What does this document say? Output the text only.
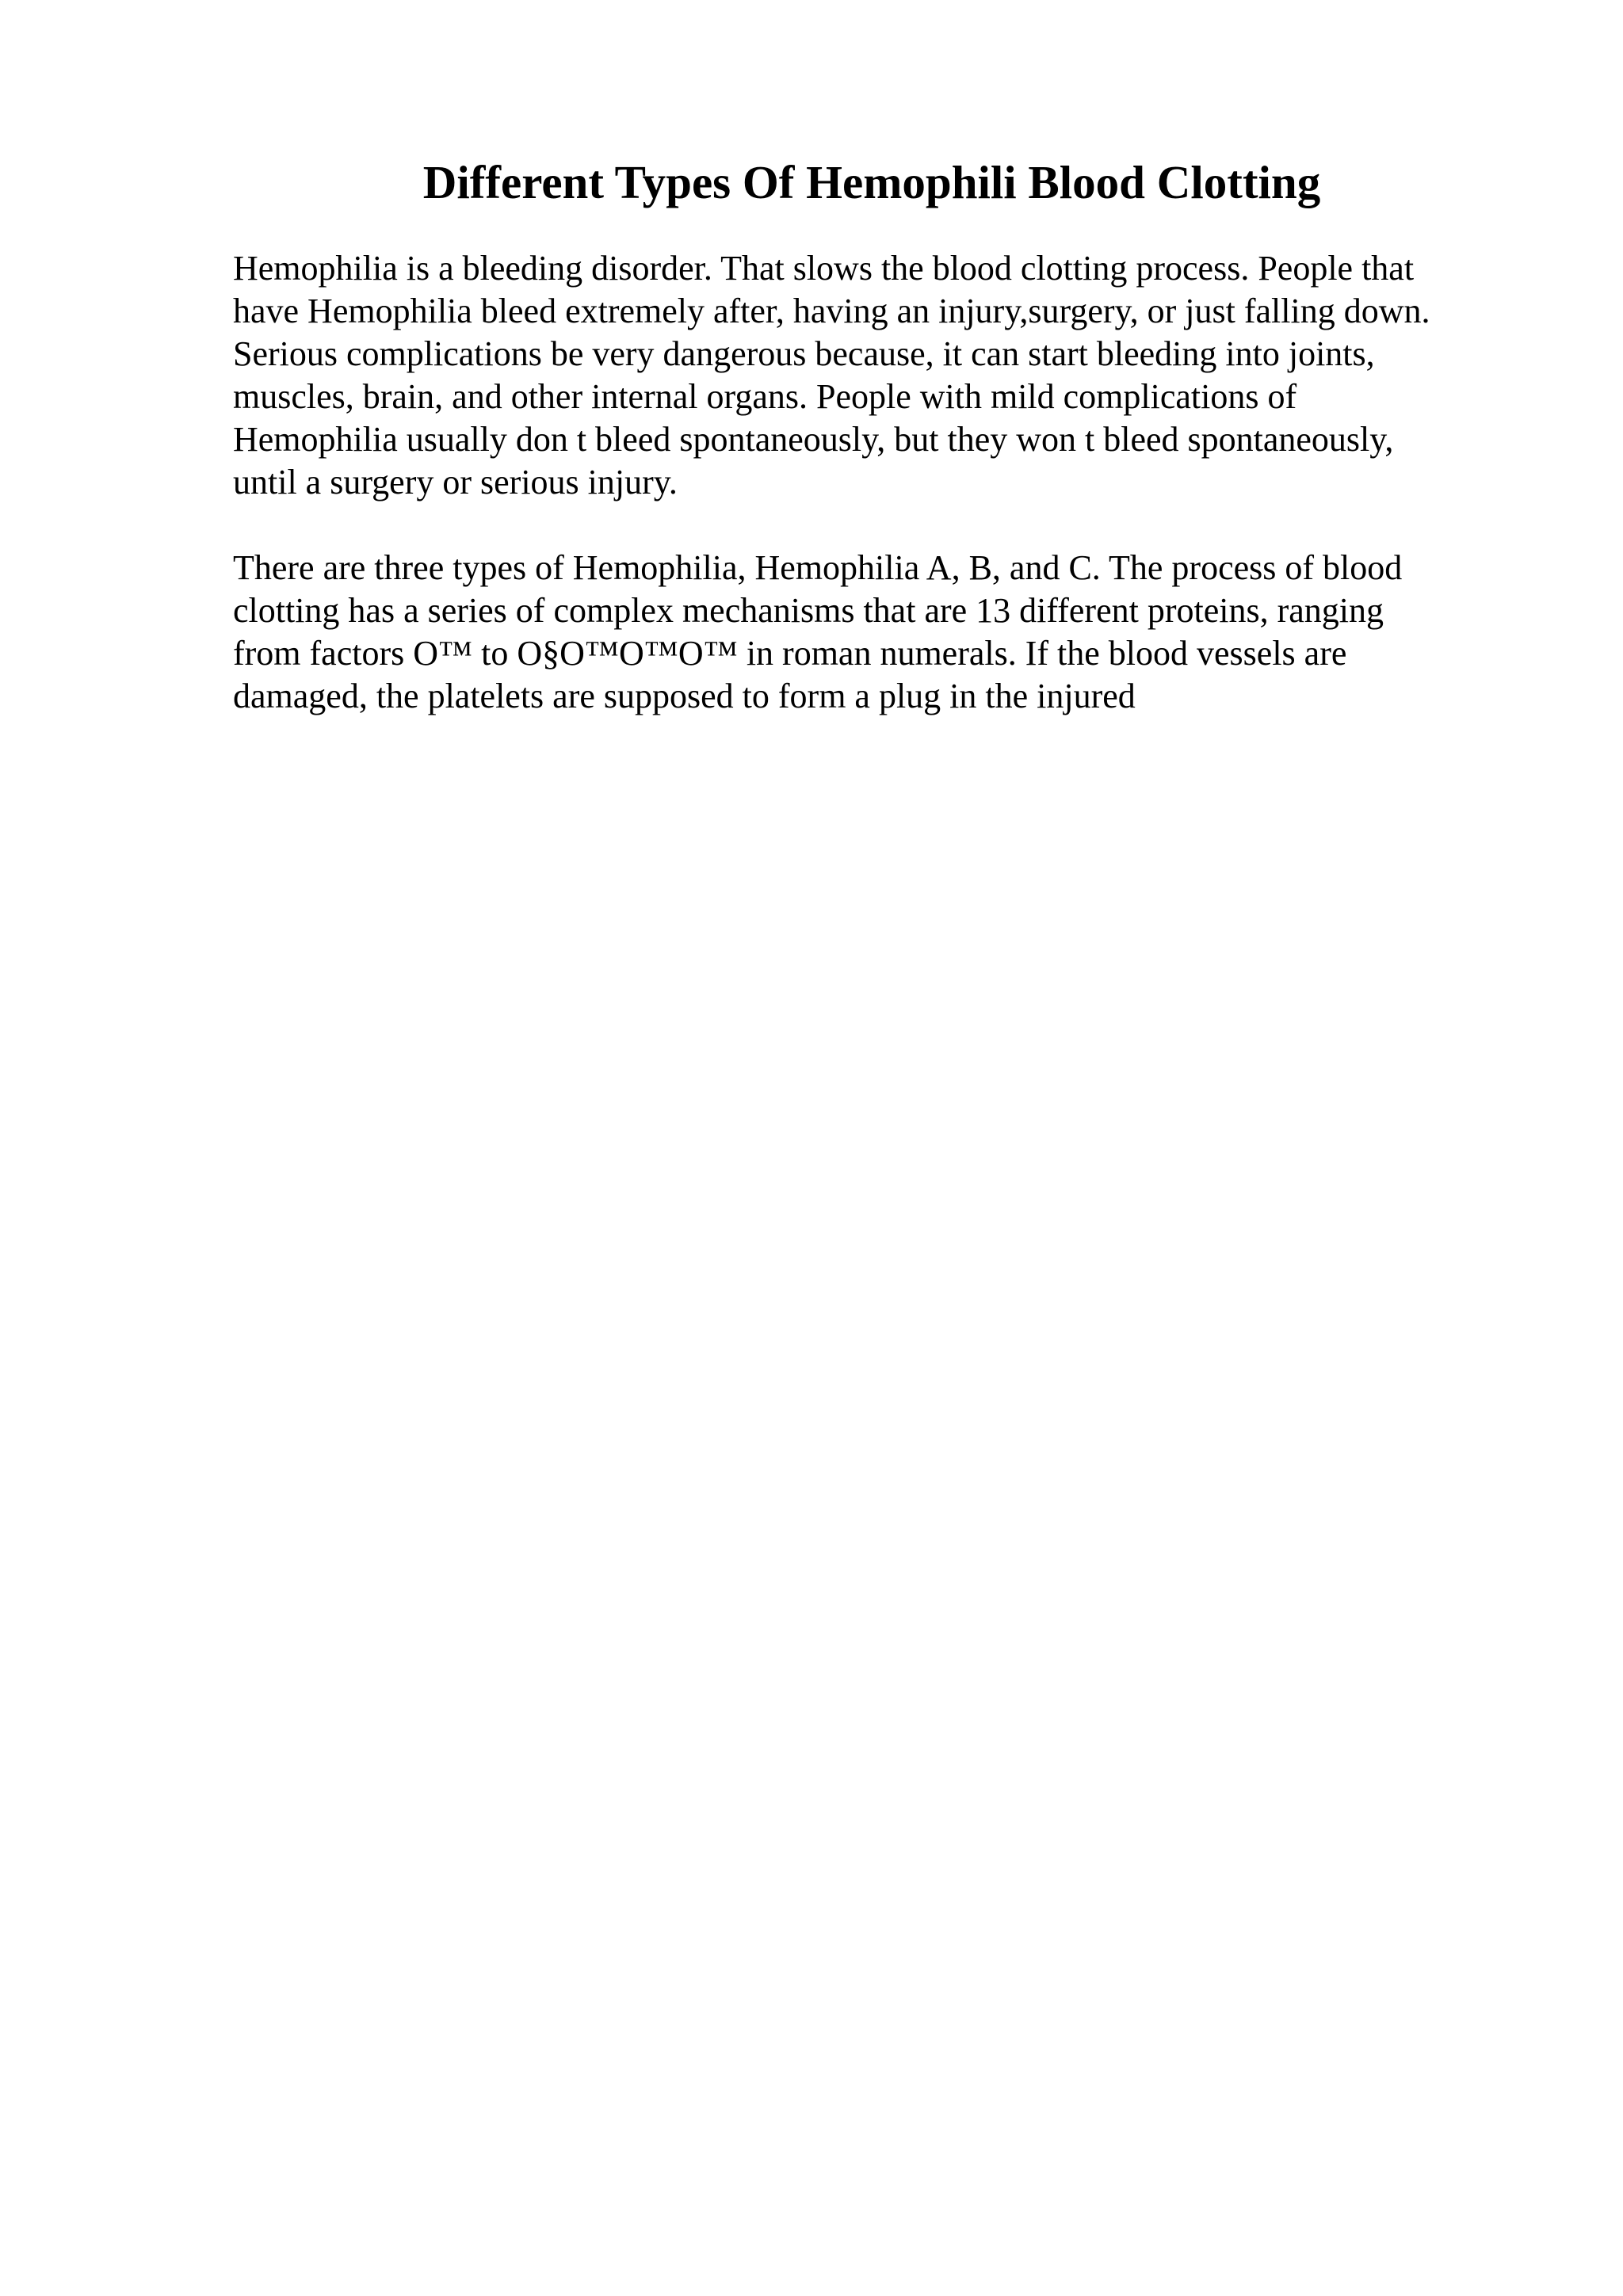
Different Types Of Hemophili Blood Clotting

Hemophilia is a bleeding disorder. That slows the blood clotting process. People that

have Hemophilia bleed extremely after, having an injury,surgery, or just falling down.

Serious complications be very dangerous because, it can start bleeding into joints,

muscles, brain, and other internal organs. People with mild complications of

Hemophilia usually don t bleed spontaneously, but they won t bleed spontaneously,

until a surgery or serious injury.

There are three types of Hemophilia, Hemophilia A, B, and C. The process of blood

clotting has a series of complex mechanisms that are 13 different proteins, ranging

from factors O™ to O§O™O™O™ in roman numerals. If the blood vessels are

damaged, the platelets are supposed to form a plug in the injured
